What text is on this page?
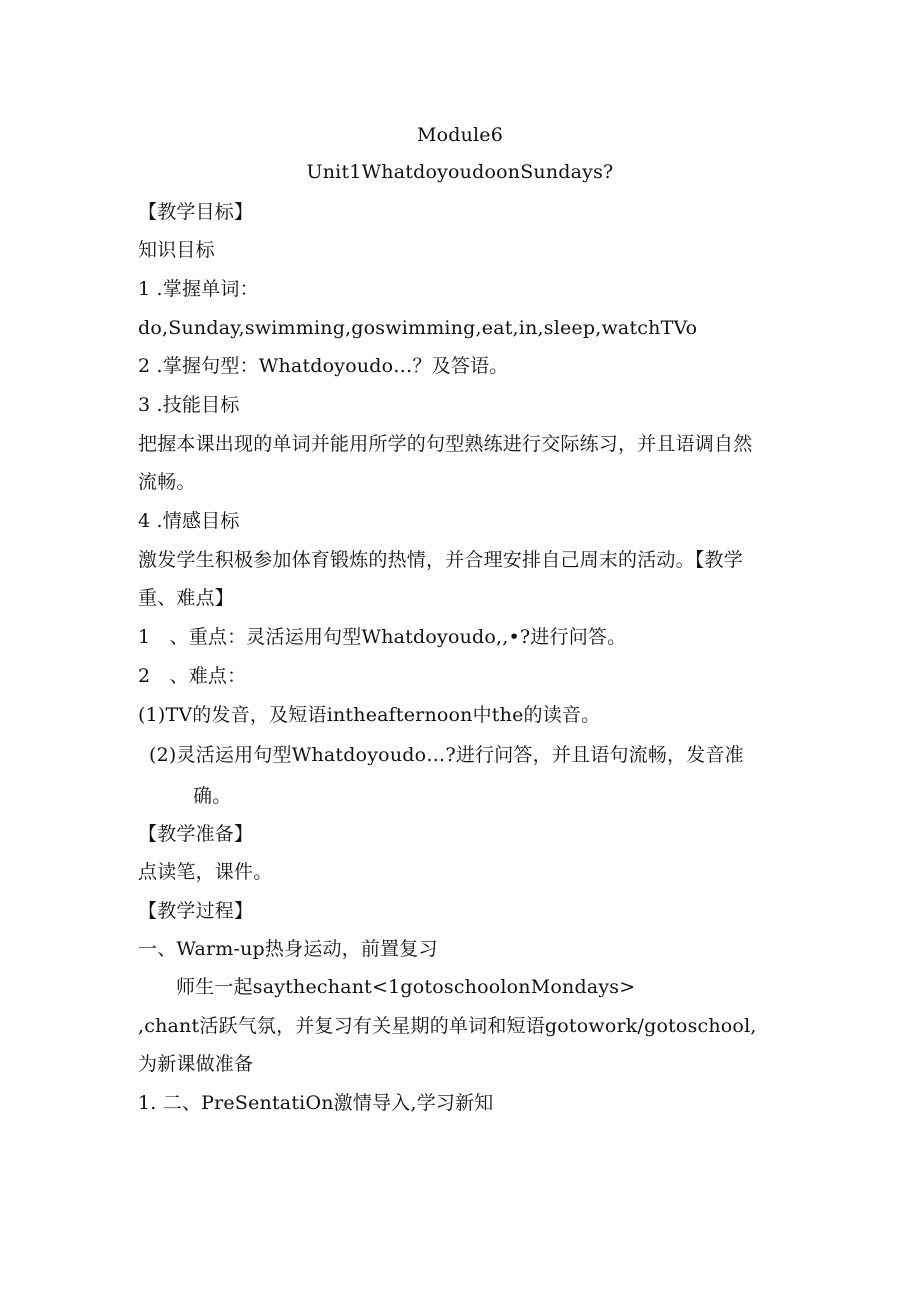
Module6
Unit1WhatdoyoudoonSundays?
【教学目标】
知识目标
1 .掌握单词：
do,Sunday,swimming,goswimming,eat,in,sleep,watchTVo
2 .掌握句型：Whatdoyoudo…？及答语。
3 .技能目标
把握本课出现的单词并能用所学的句型熟练进行交际练习，并且语调自然
流畅。
4 .情感目标
激发学生积极参加体育锻炼的热情，并合理安排自己周末的活动。【教学
重、难点】
1　、重点：灵活运用句型Whatdoyoudo,,•?进行问答。
2　、难点：
(1)TV的发音，及短语intheafternoon中the的读音。
(2)灵活运用句型Whatdoyoudo…?进行问答，并且语句流畅，发音准
确。
【教学准备】
点读笔，课件。
【教学过程】
一、Warm-up热身运动，前置复习
师生一起saythechant<1gotoschoolonMondays>
,chant活跃气氛，并复习有关星期的单词和短语gotowork/gotoschool,
为新课做准备
1. 二、PreSentatiOn激情导入,学习新知
